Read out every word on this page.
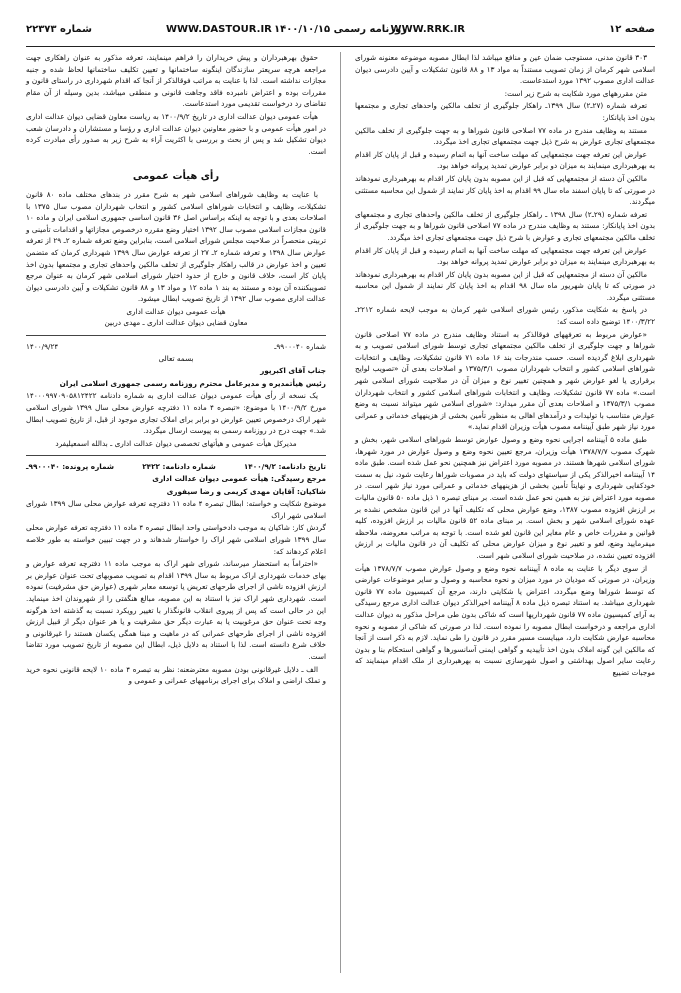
صفحه ۱۲
WWW.RRK.IR
روزنامه رسمی ۱۴۰۰/۱۰/۱۵
WWW.DASTOUR.IR
شماره ۲۲۳۷۳

۳۰۳ قانون مدنی، مستوجب ضمان عین و منافع میباشد لذا ابطال مصوبه موضوعه معنونه شورای اسلامی شهر کرمان از زمان تصویب مستنداً به مواد ۱۳ و ۸۸ قانون تشکیلات و آیین دادرسی دیوان عدالت اداری مصوب ۱۳۹۲ مورد استدعاست.

متن مقررههای مورد شکایت به شرح زیر است:

تعرفه شماره (۲۷ـ۲) سال ۱۳۹۹ـ راهکار جلوگیری از تخلف مالکین واحدهای تجاری و مجتمعها بدون اخذ پایانکار:

مستند به وظایف مندرج در ماده ۷۷ اصلاحی قانون شوراها و به جهت جلوگیری از تخلف مالکین مجتمعهای تجاری عوارض به شرح ذیل جهت مجتمعهای تجاری اخذ میگردد.

عوارض این تعرفه جهت مجتمعهایی که مهلت ساخت آنها به اتمام رسیده و قبل از پایان کار اقدام به بهرهبرداری مینمایند به میزان دو برابر عوارض تمدید پروانه خواهد بود.

مالکین آن دسته از مجتمعهایی که قبل از این مصوبه بدون پایان کار اقدام به بهرهبرداری نمودهاند در صورتی که تا پایان اسفند ماه سال ۹۹ اقدام به اخذ پایان کار نمایند از شمول این محاسبه مستثنی میگردند.

تعرفه شماره (۲۹ـ۲) سال ۱۳۹۸ ـ راهکار جلوگیری از تخلف مالکین واحدهای تجاری و مجتمعهای بدون اخذ پایانکار: مستند به وظایف مندرج در ماده ۷۷ اصلاحی قانون شوراها و به جهت جلوگیری از تخلف مالکین مجتمعهای تجاری و عوارض با شرح ذیل جهت مجتمعهای تجاری اخذ میگردد.

عوارض این تعرفه جهت مجتمعهایی که مهلت ساخت آنها به اتمام رسیده و قبل از پایان کار اقدام به بهرهبرداری مینمایند به میزان دو برابر عوارض تمدید پروانه خواهد بود.

مالکین آن دسته از مجتمعهایی که قبل از این مصوبه بدون پایان کار اقدام به بهرهبرداری نمودهاند در صورتی که تا پایان شهریور ماه سال ۹۸ اقدام به اخذ پایان کار نمایند از شمول این محاسبه مستثنی میگردد.

در پاسخ به شکایت مذکور، رئیس شورای اسلامی شهر کرمان به موجب لایحه شماره ۲۲۱۲ـ ۱۴۰۰/۳/۲۲ توضیح داده است که:

«عوارض مربوط به تعرفههای فوقالذکر به استناد وظایف مندرج در ماده ۷۷ اصلاحی قانون شوراها و جهت جلوگیری از تخلف مالکین مجتمعهای تجاری توسط شورای اسلامی تصویب و به شهرداری ابلاغ گردیده است. حسب مندرجات بند ۱۶ ماده ۷۱ قانون تشکیلات، وظایف و انتخابات شوراهای اسلامی کشور و انتخاب شهرداران مصوب ۱۳۷۵/۳/۱ و اصلاحات بعدی آن «تصویب لوایح برقراری یا لغو عوارض شهر و همچنین تغییر نوع و میزان آن در صلاحیت شورای اسلامی شهر است.» ماده ۷۷ قانون تشکیلات، وظایف و انتخابات شوراهای اسلامی کشور و انتخاب شهرداران مصوب ۱۳۷۵/۳/۱ و اصلاحات بعدی آن مقرر میدارد: «شورای اسلامی شهر میتواند نسبت به وضع عوارض متناسب با تولیدات و درآمدهای اهالی به منظور تأمین بخشی از هزینههای خدماتی و عمرانی مورد نیاز شهر طبق آییننامه مصوب هیأت وزیران اقدام نماید.»

طبق ماده ۵ آییننامه اجرایی نحوه وضع و وصول عوارض توسط شوراهای اسلامی شهر، بخش و شهرک مصوب ۱۳۷۸/۷/۷ هیأت وزیران، مرجع تعیین نحوه وضع و وصول عوارض در مورد شهرها، شورای اسلامی شهرها هستند. در مصوبه مورد اعتراض نیز همچنین نحو عمل شده است. طبق ماده ۱۴ آییننامه اخیرالذکر یکی از سیاستهای دولت که باید در مصوبات شوراها رعایت شود، نیل به سمت خودکفایی شهرداری و نهایتاً تأمین بخشی از هزینههای خدماتی و عمرانی مورد نیاز شهر است. در مصوبه مورد اعتراض نیز به همین نحو عمل شده است. بر مبنای تبصره ۱ ذیل ماده ۵۰ قانون مالیات بر ارزش افزوده مصوب ۱۳۸۷، وضع عوارض محلی که تکلیف آنها در این قانون مشخص نشده بر عهده شورای اسلامی شهر و بخش است. بر مبنای ماده ۵۲ قانون مالیات بر ارزش افزوده، کلیه قوانین و مقررات خاص و عام مغایر این قانون لغو شده است. با توجه به مراتب معروضه، ملاحظه میفرمایید وضع، لغو و تغییر نوع و میزان عوارض محلی که تکلیف آن در قانون مالیات بر ارزش افزوده تعیین نشده، در صلاحیت شورای اسلامی شهر است.

از سوی دیگر با عنایت به ماده ۸ آییننامه نحوه وضع و وصول عوارض مصوب ۱۳۷۸/۷/۷ هیأت وزیران، در صورتی که مودیان در مورد میزان و نحوه محاسبه و وصول و سایر موضوعات عوارضی که توسط شوراها وضع میگردد، اعتراض یا شکایتی دارند، مرجع آن کمیسیون ماده ۷۷ قانون شهرداری میباشد. به استناد تبصره ذیل ماده ۸ آییننامه اخیرالذکر دیوان عدالت اداری مرجع رسیدگی به آرای کمیسیون ماده ۷۷ قانون شهرداریها است که شاکی بدون طی مراحل مذکور به دیوان عدالت اداری مراجعه و درخواست ابطال مصوبه را نموده است. لذا در صورتی که شاکی از مصوبه و نحوه محاسبه عوارض شکایت دارد، میبایست مسیر مقرر در قانون را طی نماید. لازم به ذکر است از آنجا که مالکین این گونه املاک بدون اخذ تأییدیه و گواهی ایمنی آسانسورها و گواهی استحکام بنا و بدون رعایت سایر اصول بهداشتی و اصول شهرسازی نسبت به بهرهبرداری از ملک اقدام مینمایند که موجبات تضییع

حقوق بهرهبرداران و پیش خریداران را فراهم مینمایند، تعرفه مذکور به عنوان راهکاری جهت مراجعه هرچه سریعتر سازندگان اینگونه ساختمانها و تعیین تکلیف ساختمانها لحاظ شده و جنبه مجازات نداشته است. لذا با عنایت به مراتب فوقالذکر از آنجا که اقدام شهرداری در راستای قانون و مقررات بوده و اعتراض نامبرده فاقد وجاهت قانونی و منطقی میباشد، بدین وسیله از آن مقام تقاضای رد درخواست تقدیمی مورد استدعاست.

هیأت عمومی دیوان عدالت اداری در تاریخ ۱۴۰۰/۹/۲ به ریاست معاون قضایی دیوان عدالت اداری در امور هیأت عمومی و با حضور معاونین دیوان عدالت اداری و رؤسا و مستشاران و دادرسان شعب دیوان تشکیل شد و پس از بحث و بررسی با اکثریت آراء به شرح زیر به صدور رأی مبادرت کرده است.

رأی هیأت عمومی

با عنایت به وظایف شوراهای اسلامی شهر به شرح مقرر در بندهای مختلف ماده ۸۰ قانون تشکیلات، وظایف و انتخابات شوراهای اسلامی کشور و انتخاب شهرداران مصوب سال ۱۳۷۵ با اصلاحات بعدی و با توجه به اینکه براساس اصل ۳۶ قانون اساسی جمهوری اسلامی ایران و ماده ۱۰ قانون مجازات اسلامی مصوب سال ۱۳۹۲ اختیار وضع مقرره درخصوص مجازاتها و اقدامات تأمینی و تربیتی منحصراً در صلاحیت مجلس شورای اسلامی است، بنابراین وضع تعرفه شماره ۲ـ ۲۹ از تعرفه عوارض سال ۱۳۹۸ و تعرفه شماره ۲ـ ۲۷ از تعرفه عوارض سال ۱۳۹۹ شهرداری کرمان که متضمن تعیین و اخذ عوارض در قالب راهکار جلوگیری از تخلف مالکین واحدهای تجاری و مجتمعها بدون اخذ پایان کار است، خلاف قانون و خارج از حدود اختیار شورای اسلامی شهر کرمان به عنوان مرجع تصویبکننده آن بوده و مستند به بند ۱ ماده ۱۲ و مواد ۱۳ و ۸۸ قانون تشکیلات و آیین دادرسی دیوان عدالت اداری مصوب سال ۱۳۹۲ از تاریخ تصویب ابطال میشود.

هیأت عمومی دیوان عدالت اداری

معاون قضایی دیوان عدالت اداری ـ مهدی دربین

شماره ۹۹۰۰۰۴۰ـ
۱۴۰۰/۹/۲۴

بسمه تعالی

جناب آقای اکبرپور

رئیس هیأتمدیره و مدیرعامل محترم روزنامه رسمی جمهوری اسلامی ایران

یک نسخه از رأی هیأت عمومی دیوان عدالت اداری به شماره دادنامه ۱۴۰۰۰۹۹۷۰۹۰۵۸۱۲۴۲۲ مورخ ۱۴۰۰/۹/۲ با موضوع: «تبصره ۴ ماده ۱۱ دفترچه عوارض محلی سال ۱۳۹۹ شورای اسلامی شهر اراک درخصوص تعیین عوارض دو برابر برای املاک تجاری موجود از قبل، از تاریخ تصویب ابطال شد.» جهت درج در روزنامه رسمی به پیوست ارسال میگردد.

مدیرکل هیأت عمومی و هیأتهای تخصصی دیوان عدالت اداری ـ بدالله اسمعیلیفرد

تاریخ دادنامه: ۱۴۰۰/۹/۲
شماره دادنامه: ۲۴۲۲
شماره پرونده: ۹۹۰۰۰۴۰ـ

مرجع رسیدگی: هیأت عمومی دیوان عدالت اداری

شاکیان: آقایان مهدی کریمی و رضا سیفوری

موضوع شکایت و خواسته: ابطال تبصره ۴ ماده ۱۱ دفترچه تعرفه عوارض محلی سال ۱۳۹۹ شورای اسلامی شهر اراک

گردش کار: شاکیان به موجب دادخواستی واحد ابطال تبصره ۴ ماده ۱۱ دفترچه تعرفه عوارض محلی سال ۱۳۹۹ شورای اسلامی شهر اراک را خواستار شدهاند و در جهت تبیین خواسته به طور خلاصه اعلام کردهاند که:

«احتراماً به استحضار میرساند، شورای شهر اراک به موجب ماده ۱۱ دفترچه تعرفه عوارض و بهای خدمات شهرداری اراک مربوط به سال ۱۳۹۹ اقدام به تصویب مصوبهای تحت عنوان عوارض بر ارزش افزوده ناشی از اجرای طرحهای تعریض یا توسعه معابر شهری (عوارض حق مشرفیت) نموده است. شهرداری شهر اراک نیز با استناد به این مصوبه، مبالغ هنگفتی را از شهروندان اخذ مینماید. این در حالی است که پس از پیروی انقلاب قانونگذار با تغییر رویکرد نسبت به گذشته اخذ هرگونه وجه تحت عنوان حق مرغوبیت یا به عبارت دیگر حق مشرفیت و یا هر عنوان دیگر از قبیل ارزش افزوده ناشی از اجرای طرحهای عمرانی که در ماهیت و مبنا همگی یکسان هستند را غیرقانونی و خلاف شرع دانسته است. لذا با استناد به دلایل ذیل، ابطال این مصوبه از تاریخ تصویب مورد تقاضا است.

الف ـ دلایل غیرقانونی بودن مصوبه معترضعنه: نظر به تبصره ۴ ماده ۱۰ لایحه قانونی نحوه خرید و تملک اراضی و املاک برای اجرای برنامههای عمرانی و عمومی و
